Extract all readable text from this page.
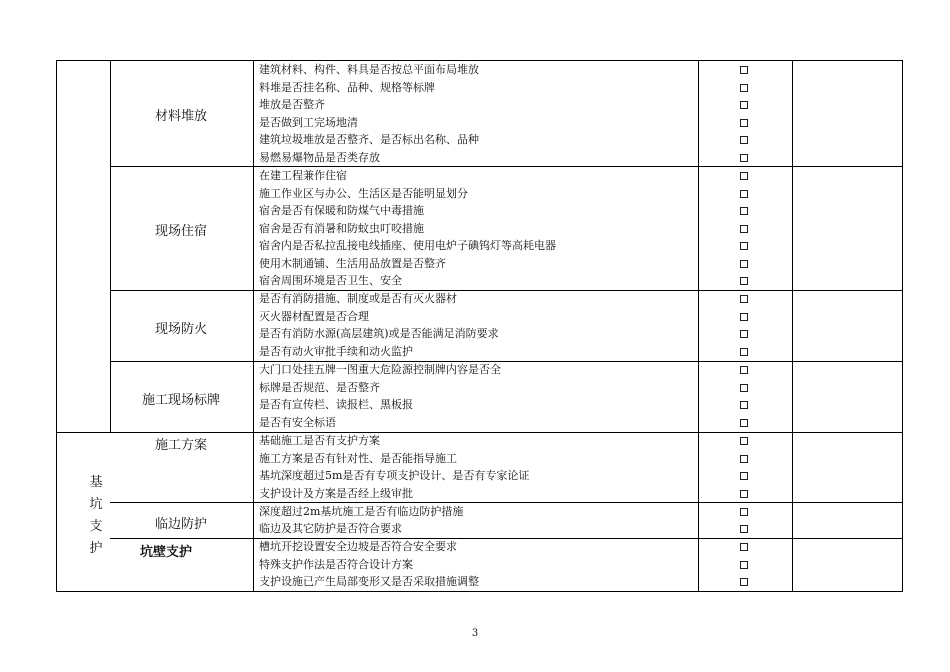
基坑支护
材料堆放
现场住宿
现场防火
施工现场标牌
施工方案
临边防护
坑壁支护
建筑材料、构件、料具是否按总平面布局堆放
料堆是否挂名称、品种、规格等标牌
堆放是否整齐
是否做到工完场地清
建筑垃圾堆放是否整齐、是否标出名称、品种
易燃易爆物品是否类存放
在建工程兼作住宿
施工作业区与办公、生活区是否能明显划分
宿舍是否有保暖和防煤气中毒措施
宿舍是否有消暑和防蚊虫叮咬措施
宿舍内是否私拉乱接电线插座、使用电炉子碘钨灯等高耗电器
使用木制通铺、生活用品放置是否整齐
宿舍周围环境是否卫生、安全
是否有消防措施、制度或是否有灭火器材
灭火器材配置是否合理
是否有消防水源(高层建筑)或是否能满足消防要求
是否有动火审批手续和动火监护
大门口处挂五牌一图重大危险源控制牌内容是否全
标牌是否规范、是否整齐
是否有宣传栏、读报栏、黑板报
是否有安全标语
基础施工是否有支护方案
施工方案是否有针对性、是否能指导施工
基坑深度超过5m是否有专项支护设计、是否有专家论证
支护设计及方案是否经上级审批
深度超过2m基坑施工是否有临边防护措施
临边及其它防护是否符合要求
槽坑开挖设置安全边坡是否符合安全要求
特殊支护作法是否符合设计方案
支护设施已产生局部变形又是否采取措施调整
3
